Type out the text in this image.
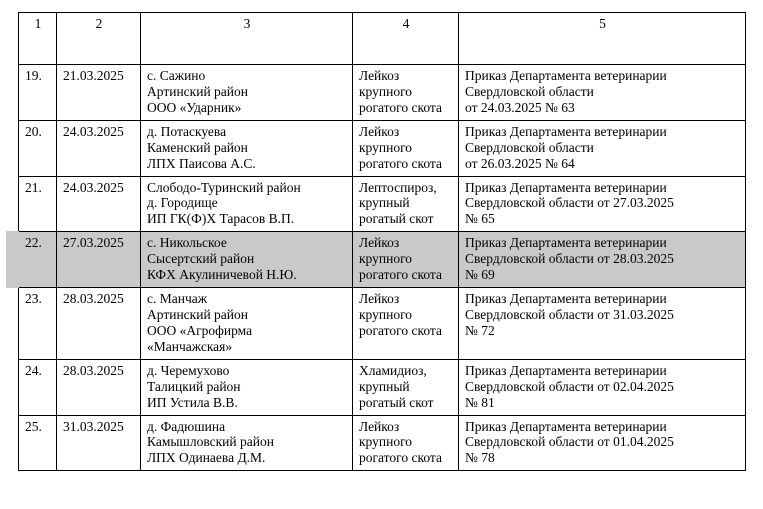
1	2	3	4	5

19.	21.03.2025	с. Сажино
Артинский район
ООО «Ударник»	Лейкоз
крупного
рогатого скота	Приказ Департамента ветеринарии
Свердловской области
от 24.03.2025 № 63

20.	24.03.2025	д. Потаскуева
Каменский район
ЛПХ Паисова А.С.	Лейкоз
крупного
рогатого скота	Приказ Департамента ветеринарии
Свердловской области
от 26.03.2025 № 64

21.	24.03.2025	Слободо-Туринский район
д. Городище
ИП ГК(Ф)Х Тарасов В.П.	Лептоспироз,
крупный
рогатый скот	Приказ Департамента ветеринарии
Свердловской области от 27.03.2025
№ 65

22.	27.03.2025	с. Никольское
Сысертский район
КФХ Акулиничевой Н.Ю.	Лейкоз
крупного
рогатого скота	Приказ Департамента ветеринарии
Свердловской области от 28.03.2025
№ 69

23.	28.03.2025	с. Манчаж
Артинский район
ООО «Агрофирма
«Манчажская»	Лейкоз
крупного
рогатого скота	Приказ Департамента ветеринарии
Свердловской области от 31.03.2025
№ 72

24.	28.03.2025	д. Черемухово
Талицкий район
ИП Устила В.В.	Хламидиоз,
крупный
рогатый скот	Приказ Департамента ветеринарии
Свердловской области от 02.04.2025
№ 81

25.	31.03.2025	д. Фадюшина
Камышловский район
ЛПХ Одинаева Д.М.	Лейкоз
крупного
рогатого скота	Приказ Департамента ветеринарии
Свердловской области от 01.04.2025
№ 78
